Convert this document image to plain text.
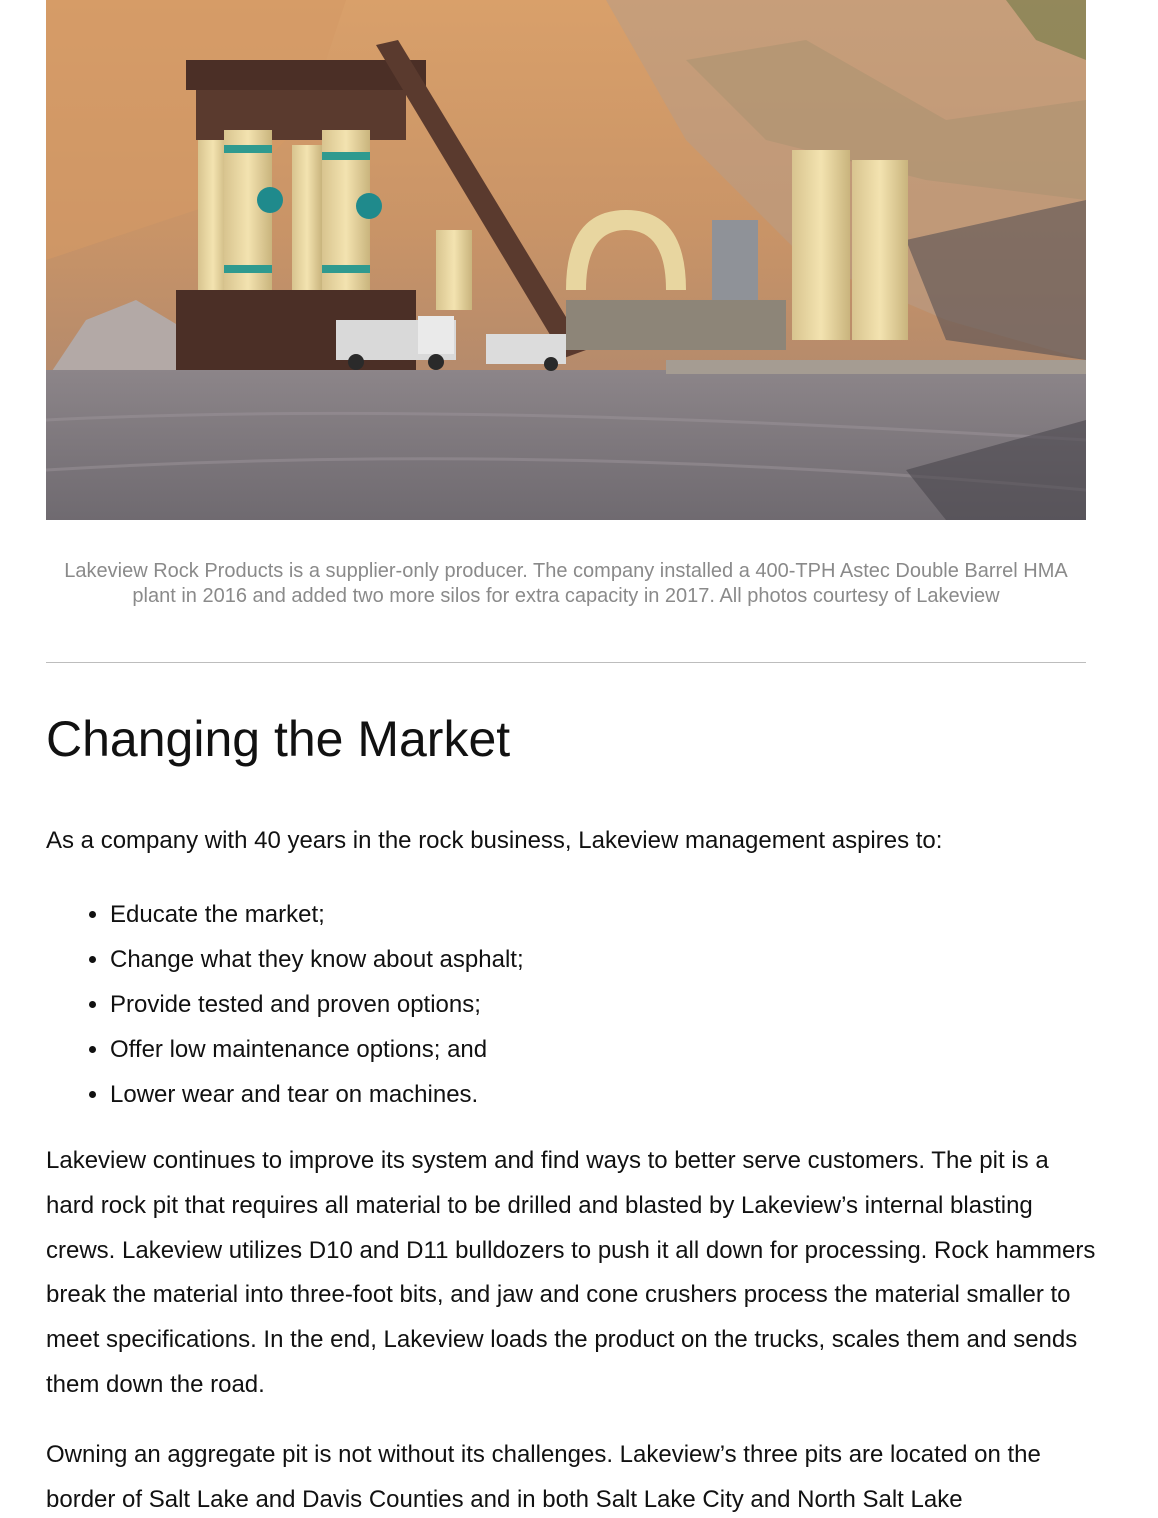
Lakeview Rock Products is a supplier-only producer. The company installed a 400-TPH Astec Double Barrel HMA plant in 2016 and added two more silos for extra capacity in 2017. All photos courtesy of Lakeview
Changing the Market

As a company with 40 years in the rock business, Lakeview management aspires to:

• Educate the market;
• Change what they know about asphalt;
• Provide tested and proven options;
• Offer low maintenance options; and
• Lower wear and tear on machines.

Lakeview continues to improve its system and find ways to better serve customers. The pit is a hard rock pit that requires all material to be drilled and blasted by Lakeview’s internal blasting crews. Lakeview utilizes D10 and D11 bulldozers to push it all down for processing. Rock hammers break the material into three-foot bits, and jaw and cone crushers process the material smaller to meet specifications. In the end, Lakeview loads the product on the trucks, scales them and sends them down the road.

Owning an aggregate pit is not without its challenges. Lakeview’s three pits are located on the border of Salt Lake and Davis Counties and in both Salt Lake City and North Salt Lake
